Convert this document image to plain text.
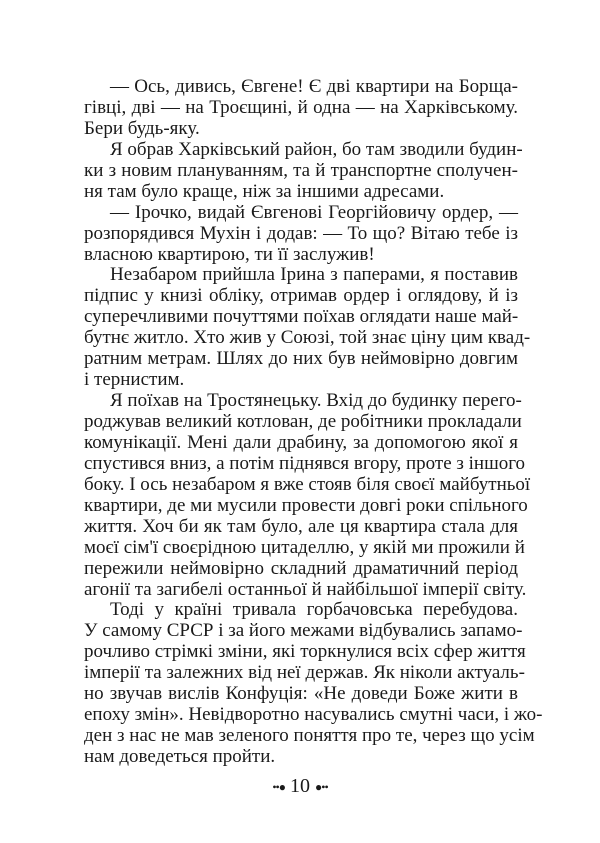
— Ось, дивись, Євгене! Є дві квартири на Борща-
гівці, дві — на Троєщині, й одна — на Харківському.
Бери будь-яку.
Я обрав Харківський район, бо там зводили будин-
ки з новим плануванням, та й транспортне сполучен-
ня там було краще, ніж за іншими адресами.
— Ірочко, видай Євгенові Георгійовичу ордер, —
розпорядився Мухін і додав: — То що? Вітаю тебе із
власною квартирою, ти її заслужив!
Незабаром прийшла Ірина з паперами, я поставив
підпис у книзі обліку, отримав ордер і оглядову, й із
суперечливими почуттями поїхав оглядати наше май-
бутнє житло. Хто жив у Союзі, той знає ціну цим квад-
ратним метрам. Шлях до них був неймовірно довгим
і тернистим.
Я поїхав на Тростянецьку. Вхід до будинку перего-
роджував великий котлован, де робітники прокладали
комунікації. Мені дали драбину, за допомогою якої я
спустився вниз, а потім піднявся вгору, проте з іншого
боку. І ось незабаром я вже стояв біля своєї майбутньої
квартири, де ми мусили провести довгі роки спільного
життя. Хоч би як там було, але ця квартира стала для
моєї сім'ї своєрідною цитаделлю, у якій ми прожили й
пережили неймовірно складний драматичний період
агонії та загибелі останньої й найбільшої імперії світу.
Тоді у країні тривала горбачовська перебудова.
У самому СРСР і за його межами відбувались запамо-
рочливо стрімкі зміни, які торкнулися всіх сфер життя
імперії та залежних від неї держав. Як ніколи актуаль-
но звучав вислів Конфуція: «Не доведи Боже жити в
епоху змін». Невідворотно насувались смутні часи, і жо-
ден з нас не мав зеленого поняття про те, через що усім
нам доведеться пройти.
••● 10 ●••
